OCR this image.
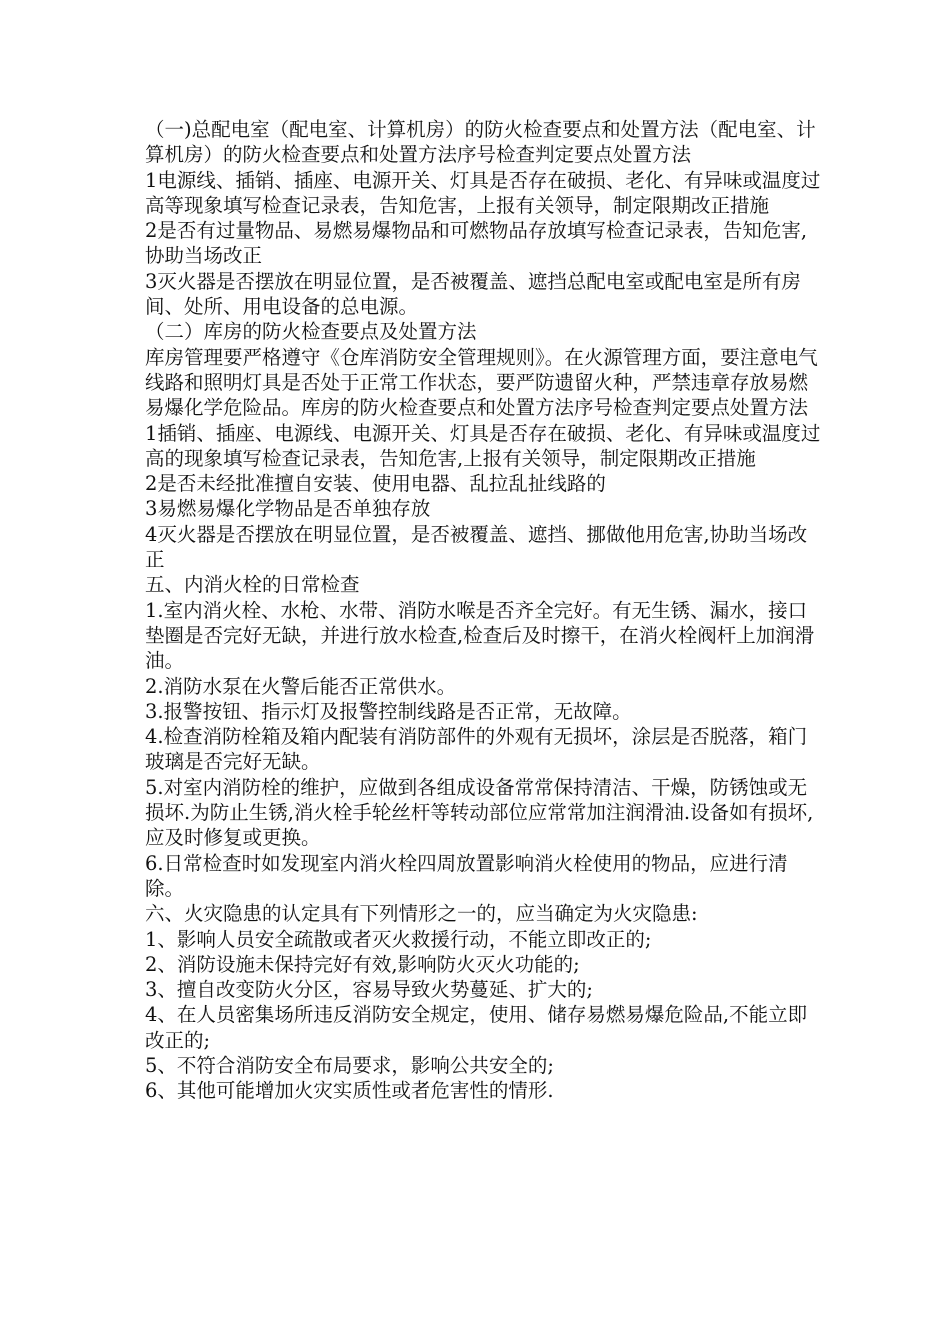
（一)总配电室（配电室、计算机房）的防火检查要点和处置方法（配电室、计算机房）的防火检查要点和处置方法序号检查判定要点处置方法

1电源线、插销、插座、电源开关、灯具是否存在破损、老化、有异味或温度过高等现象填写检查记录表，告知危害，上报有关领导，制定限期改正措施

2是否有过量物品、易燃易爆物品和可燃物品存放填写检查记录表，告知危害,协助当场改正

3灭火器是否摆放在明显位置，是否被覆盖、遮挡总配电室或配电室是所有房间、处所、用电设备的总电源。

（二）库房的防火检查要点及处置方法

库房管理要严格遵守《仓库消防安全管理规则》。在火源管理方面，要注意电气线路和照明灯具是否处于正常工作状态，要严防遗留火种，严禁违章存放易燃易爆化学危险品。库房的防火检查要点和处置方法序号检查判定要点处置方法

1插销、插座、电源线、电源开关、灯具是否存在破损、老化、有异味或温度过高的现象填写检查记录表，告知危害,上报有关领导，制定限期改正措施

2是否未经批准擅自安装、使用电器、乱拉乱扯线路的

3易燃易爆化学物品是否单独存放

4灭火器是否摆放在明显位置，是否被覆盖、遮挡、挪做他用危害,协助当场改正

五、内消火栓的日常检查

1.室内消火栓、水枪、水带、消防水喉是否齐全完好。有无生锈、漏水，接口垫圈是否完好无缺，并进行放水检查,检查后及时擦干，在消火栓阀杆上加润滑油。

2.消防水泵在火警后能否正常供水。

3.报警按钮、指示灯及报警控制线路是否正常，无故障。

4.检查消防栓箱及箱内配装有消防部件的外观有无损坏，涂层是否脱落，箱门玻璃是否完好无缺。

5.对室内消防栓的维护，应做到各组成设备常常保持清洁、干燥，防锈蚀或无损坏.为防止生锈,消火栓手轮丝杆等转动部位应常常加注润滑油.设备如有损坏,应及时修复或更换。

6.日常检查时如发现室内消火栓四周放置影响消火栓使用的物品，应进行清除。

六、火灾隐患的认定具有下列情形之一的，应当确定为火灾隐患:

1、影响人员安全疏散或者灭火救援行动，不能立即改正的;

2、消防设施未保持完好有效,影响防火灭火功能的;

3、擅自改变防火分区，容易导致火势蔓延、扩大的;

4、在人员密集场所违反消防安全规定，使用、储存易燃易爆危险品,不能立即改正的;

5、不符合消防安全布局要求，影响公共安全的;

6、其他可能增加火灾实质性或者危害性的情形.
